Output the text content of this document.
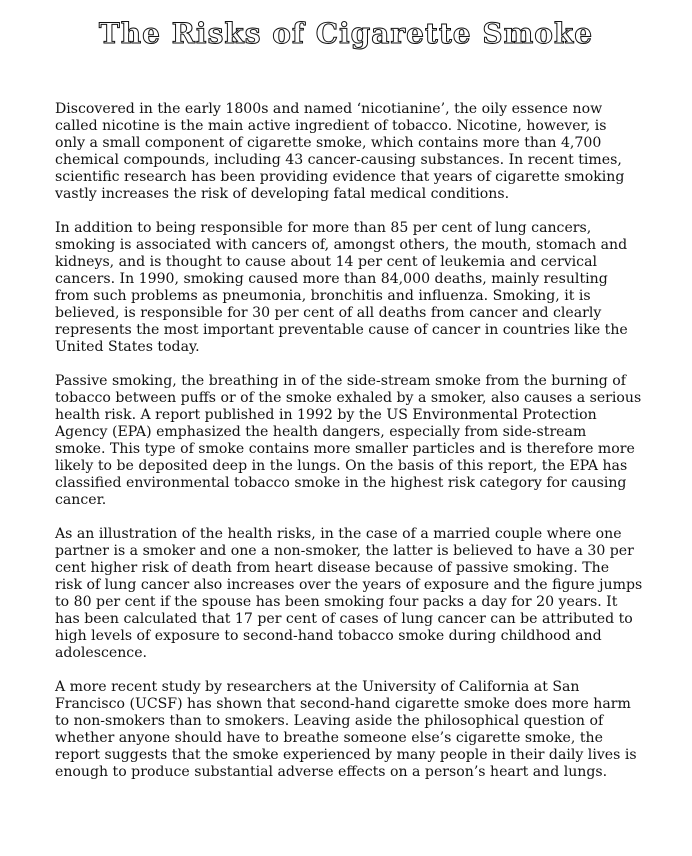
The Risks of Cigarette Smoke

Discovered in the early 1800s and named ‘nicotianine’, the oily essence now
called nicotine is the main active ingredient of tobacco. Nicotine, however, is
only a small component of cigarette smoke, which contains more than 4,700
chemical compounds, including 43 cancer-causing substances. In recent times,
scientific research has been providing evidence that years of cigarette smoking
vastly increases the risk of developing fatal medical conditions.

In addition to being responsible for more than 85 per cent of lung cancers,
smoking is associated with cancers of, amongst others, the mouth, stomach and
kidneys, and is thought to cause about 14 per cent of leukemia and cervical
cancers. In 1990, smoking caused more than 84,000 deaths, mainly resulting
from such problems as pneumonia, bronchitis and influenza. Smoking, it is
believed, is responsible for 30 per cent of all deaths from cancer and clearly
represents the most important preventable cause of cancer in countries like the
United States today.

Passive smoking, the breathing in of the side-stream smoke from the burning of
tobacco between puffs or of the smoke exhaled by a smoker, also causes a serious
health risk. A report published in 1992 by the US Environmental Protection
Agency (EPA) emphasized the health dangers, especially from side-stream
smoke. This type of smoke contains more smaller particles and is therefore more
likely to be deposited deep in the lungs. On the basis of this report, the EPA has
classified environmental tobacco smoke in the highest risk category for causing
cancer.

As an illustration of the health risks, in the case of a married couple where one
partner is a smoker and one a non-smoker, the latter is believed to have a 30 per
cent higher risk of death from heart disease because of passive smoking. The
risk of lung cancer also increases over the years of exposure and the figure jumps
to 80 per cent if the spouse has been smoking four packs a day for 20 years. It
has been calculated that 17 per cent of cases of lung cancer can be attributed to
high levels of exposure to second-hand tobacco smoke during childhood and
adolescence.

A more recent study by researchers at the University of California at San
Francisco (UCSF) has shown that second-hand cigarette smoke does more harm
to non-smokers than to smokers. Leaving aside the philosophical question of
whether anyone should have to breathe someone else’s cigarette smoke, the
report suggests that the smoke experienced by many people in their daily lives is
enough to produce substantial adverse effects on a person’s heart and lungs.
